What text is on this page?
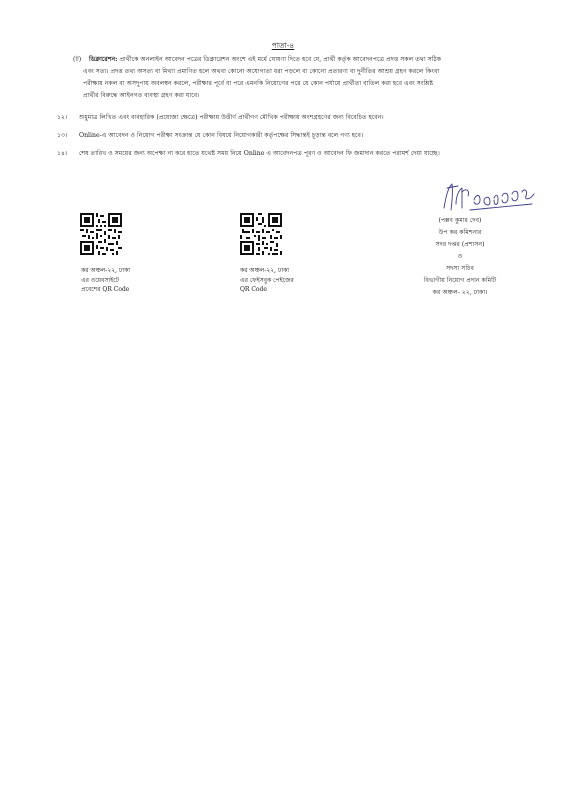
পাতা-৪
(ট) ডিক্লারেশন: প্রার্থীকে অনলাইন আবেদন পত্রের ডিক্লারেশন অংশে এই মর্মে ঘোষণা দিতে হবে যে, প্রার্থী কর্তৃক আবেদনপত্রে প্রদত্ত সকল তথ্য সঠিক
এবং সত্য। প্রদত্ত তথ্য অসত্য বা মিথ্যা প্রমাণিত হলে অথবা কোনো অযোগ্যতা ধরা পড়লে বা কোনো প্রতারণা বা দুর্নীতির আশ্রয় গ্রহণ করলে কিংবা
পরীক্ষায় নকল বা অসদুপায় অবলম্বন করলে, পরীক্ষার পূর্বে বা পরে এমনকি নিয়োগের পরে যে কোন পর্যায়ে প্রার্থীতা বাতিল করা হবে এবং সংশ্লিষ্ট
প্রার্থীর বিরুদ্ধে আইনগত ব্যবস্থা গ্রহণ করা যাবে।
১২। শুধুমাত্র লিখিত এবং ব্যবহারিক (প্রযোজ্য ক্ষেত্রে) পরীক্ষায় উত্তীর্ণ প্রার্থীগণ মৌখিক পরীক্ষায় অংশগ্রহণের জন্য বিবেচিত হবেন।
১৩। Online-এ আবেদন ও নিয়োগ পরীক্ষা সংক্রান্ত যে কোন বিষয়ে নিয়োগকারী কর্তৃপক্ষের সিদ্ধান্তই চূড়ান্ত বলে গণ্য হবে।
১৪। শেষ তারিখ ও সময়ের জন্য অপেক্ষা না করে হাতে যথেষ্ট সময় নিয়ে Online এ আবেদনপত্র পূরণ ও আবেদন ফি জমাদান করতে পরামর্শ দেয়া যাচ্ছে।
কর অঞ্চল-২২, ঢাকা
এর ওয়েবসাইটে
প্রবেশের QR Code
কর অঞ্চল-২২, ঢাকা
এর ফেইসবুক পেইজের
QR Code
(পল্লব কুমার দেব)
উপ কর কমিশনার
সদর দপ্তর (প্রশাসন)
ও
সদস্য সচিব
বিভাগীয় নিয়োগ প্রদান কমিটি
কর অঞ্চল- ২২, ঢাকা।
